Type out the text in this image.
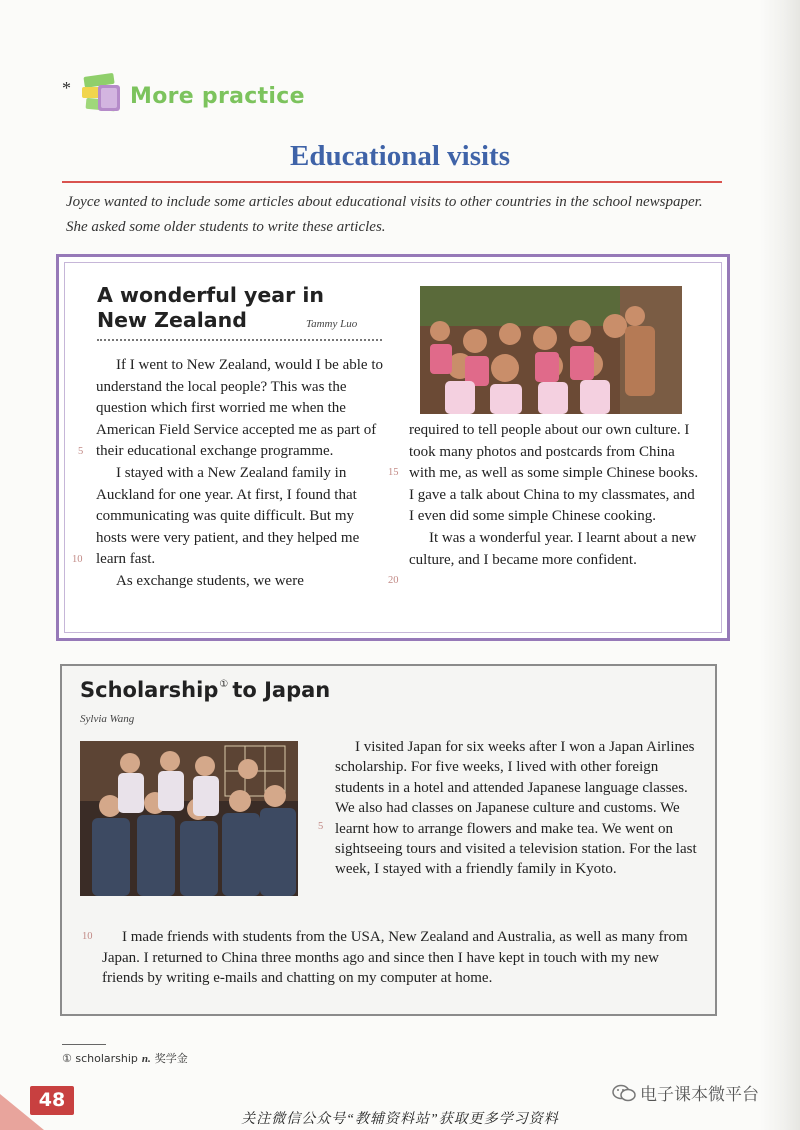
*	More practice
Educational visits

Joyce wanted to include some articles about educational visits to other countries in the school newspaper. She asked some older students to write these articles.

A wonderful year in
New Zealand	Tammy Luo

If I went to New Zealand, would I be able to understand the local people? This was the question which first worried me when the American Field Service accepted me as part of their educational exchange programme.

I stayed with a New Zealand family in Auckland for one year. At first, I found that communicating was quite difficult. But my hosts were very patient, and they helped me learn fast.

As exchange students, we were

required to tell people about our own culture. I took many photos and postcards from China with me, as well as some simple Chinese books. I gave a talk about China to my classmates, and I even did some simple Chinese cooking.

It was a wonderful year. I learnt about a new culture, and I became more confident.

5
10
15
20
Scholarship① to Japan
Sylvia Wang

I visited Japan for six weeks after I won a Japan Airlines scholarship. For five weeks, I lived with other foreign students in a hotel and attended Japanese language classes. We also had classes on Japanese culture and customs. We learnt how to arrange flowers and make tea. We went on sightseeing tours and visited a television station. For the last week, I stayed with a friendly family in Kyoto.

I made friends with students from the USA, New Zealand and Australia, as well as many from Japan. I returned to China three months ago and since then I have kept in touch with my new friends by writing e-mails and chatting on my computer at home.

5
10
① scholarship n. 奖学金
48	电子课本微平台
关注微信公众号“教辅资料站”获取更多学习资料
